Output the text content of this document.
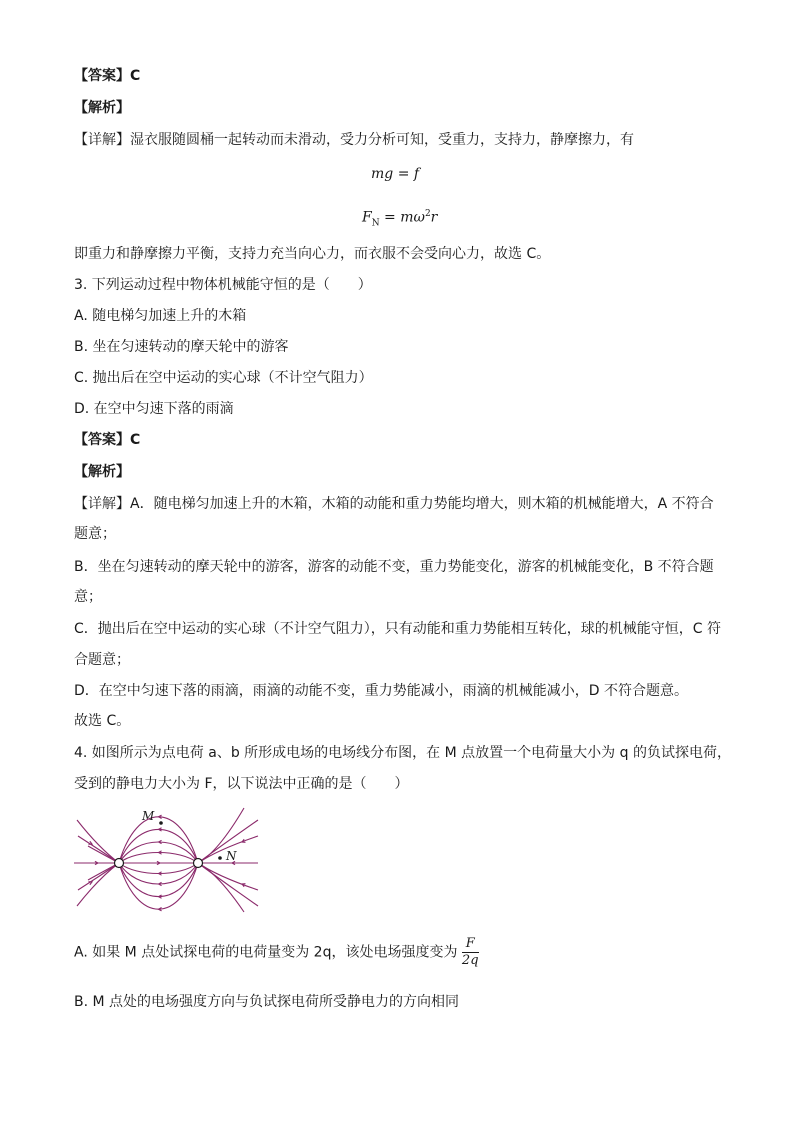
【答案】C
【解析】
【详解】湿衣服随圆桶一起转动而未滑动，受力分析可知，受重力，支持力，静摩擦力，有
mg = f
$F_N = m\omega^2r$
即重力和静摩擦力平衡，支持力充当向心力，而衣服不会受向心力，故选 C。
3. 下列运动过程中物体机械能守恒的是（　　）
A. 随电梯匀加速上升的木箱
B. 坐在匀速转动的摩天轮中的游客
C. 抛出后在空中运动的实心球（不计空气阻力）
D. 在空中匀速下落的雨滴
【答案】C
【解析】
【详解】A．随电梯匀加速上升的木箱，木箱的动能和重力势能均增大，则木箱的机械能增大，A 不符合
题意；
B．坐在匀速转动的摩天轮中的游客，游客的动能不变，重力势能变化，游客的机械能变化，B 不符合题
意；
C．抛出后在空中运动的实心球（不计空气阻力），只有动能和重力势能相互转化，球的机械能守恒，C 符
合题意；
D．在空中匀速下落的雨滴，雨滴的动能不变，重力势能减小，雨滴的机械能减小，D 不符合题意。
故选 C。
4. 如图所示为点电荷 a、b 所形成电场的电场线分布图，在 M 点放置一个电荷量大小为 q 的负试探电荷，
受到的静电力大小为 F，以下说法中正确的是（　　）
M
N
A. 如果 M 点处试探电荷的电荷量变为 2q，该处电场强度变为 $\frac{F}{2q}$
B. M 点处的电场强度方向与负试探电荷所受静电力的方向相同
